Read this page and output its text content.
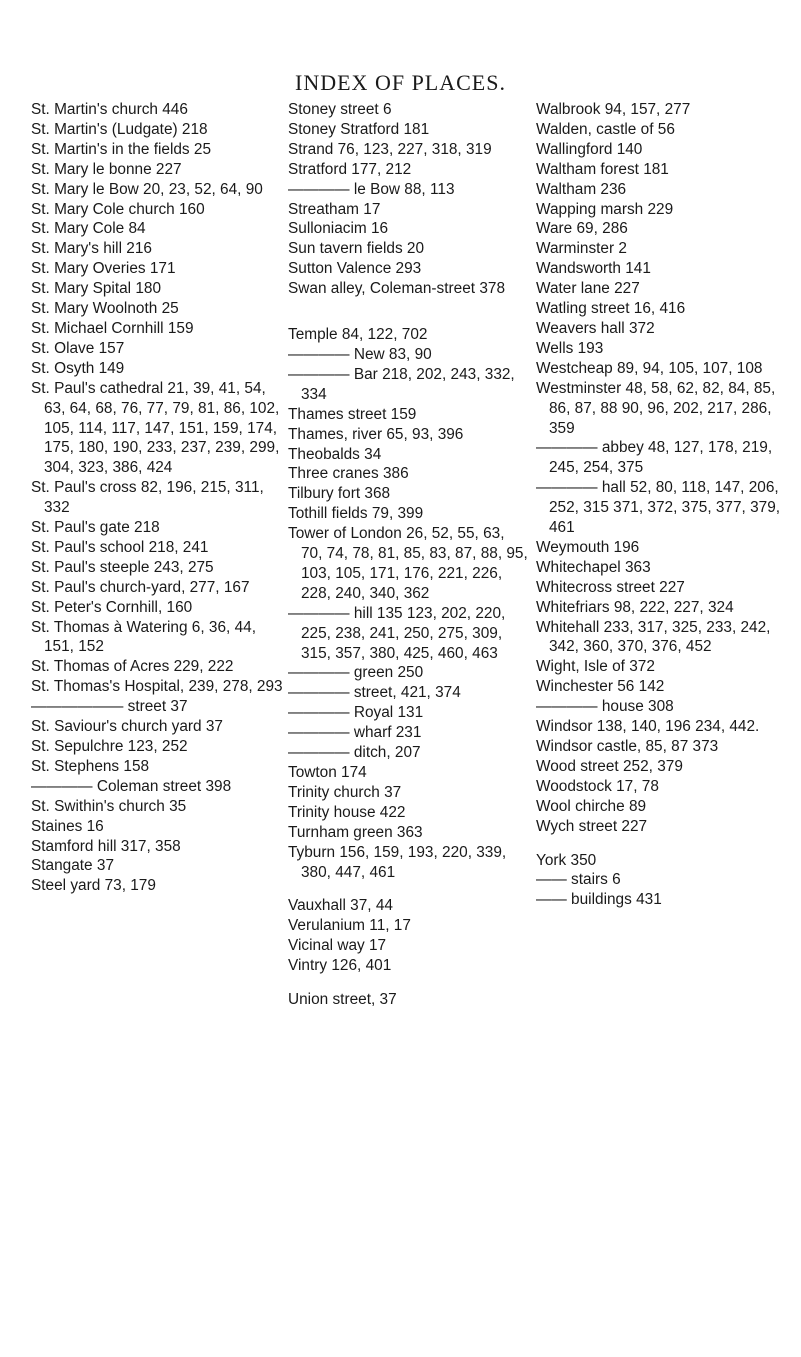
INDEX OF PLACES.
St. Martin's church 446
St. Martin's (Ludgate) 218
St. Martin's in the fields 25
St. Mary le bonne 227
St. Mary le Bow 20, 23, 52, 64, 90
St. Mary Cole church 160
St. Mary Cole 84
St. Mary's hill 216
St. Mary Overies 171
St. Mary Spital 180
St. Mary Woolnoth 25
St. Michael Cornhill 159
St. Olave 157
St. Osyth 149
St. Paul's cathedral 21, 39, 41, 54, 63, 64, 68, 76, 77, 79, 81, 86, 102, 105, 114, 117, 147, 151, 159, 174, 175, 180, 190, 233, 237, 239, 299, 304, 323, 386, 424
St. Paul's cross 82, 196, 215, 311, 332
St. Paul's gate 218
St. Paul's school 218, 241
St. Paul's steeple 243, 275
St. Paul's church-yard, 277, 167
St. Peter's Cornhill, 160
St. Thomas à Watering 6, 36, 44, 151, 152
St. Thomas of Acres 229, 222
St. Thomas's Hospital, 239, 278, 293
—————— street 37
St. Saviour's church yard 37
St. Sepulchre 123, 252
St. Stephens 158
———— Coleman street 398
St. Swithin's church 35
Staines 16
Stamford hill 317, 358
Stangate 37
Steel yard 73, 179
Stoney street 6
Stoney Stratford 181
Strand 76, 123, 227, 318, 319
Stratford 177, 212
———— le Bow 88, 113
Streatham 17
Sulloniacim 16
Sun tavern fields 20
Sutton Valence 293
Swan alley, Coleman-street 378
Temple 84, 122, 702
———— New 83, 90
———— Bar 218, 202, 243, 332, 334
Thames street 159
Thames, river 65, 93, 396
Theobalds 34
Three cranes 386
Tilbury fort 368
Tothill fields 79, 399
Tower of London 26, 52, 55, 63, 70, 74, 78, 81, 85, 83, 87, 88, 95, 103, 105, 171, 176, 221, 226, 228, 240, 340, 362
———— hill 135 123, 202, 220, 225, 238, 241, 250, 275, 309, 315, 357, 380, 425, 460, 463
———— green 250
———— street, 421, 374
———— Royal 131
———— wharf 231
———— ditch, 207
Towton 174
Trinity church 37
Trinity house 422
Turnham green 363
Tyburn 156, 159, 193, 220, 339, 380, 447, 461
Vauxhall 37, 44
Verulanium 11, 17
Vicinal way 17
Vintry 126, 401
Union street, 37
Walbrook 94, 157, 277
Walden, castle of 56
Wallingford 140
Waltham forest 181
Waltham 236
Wapping marsh 229
Ware 69, 286
Warminster 2
Wandsworth 141
Water lane 227
Watling street 16, 416
Weavers hall 372
Wells 193
Westcheap 89, 94, 105, 107, 108
Westminster 48, 58, 62, 82, 84, 85, 86, 87, 88 90, 96, 202, 217, 286, 359
———— abbey 48, 127, 178, 219, 245, 254, 375
———— hall 52, 80, 118, 147, 206, 252, 315 371, 372, 375, 377, 379, 461
Weymouth 196
Whitechapel 363
Whitecross street 227
Whitefriars 98, 222, 227, 324
Whitehall 233, 317, 325, 233, 242, 342, 360, 370, 376, 452
Wight, Isle of 372
Winchester 56 142
———— house 308
Windsor 138, 140, 196 234, 442.
Windsor castle, 85, 87 373
Wood street 252, 379
Woodstock 17, 78
Wool chirche 89
Wych street 227
York 350
—— stairs 6
—— buildings 431
